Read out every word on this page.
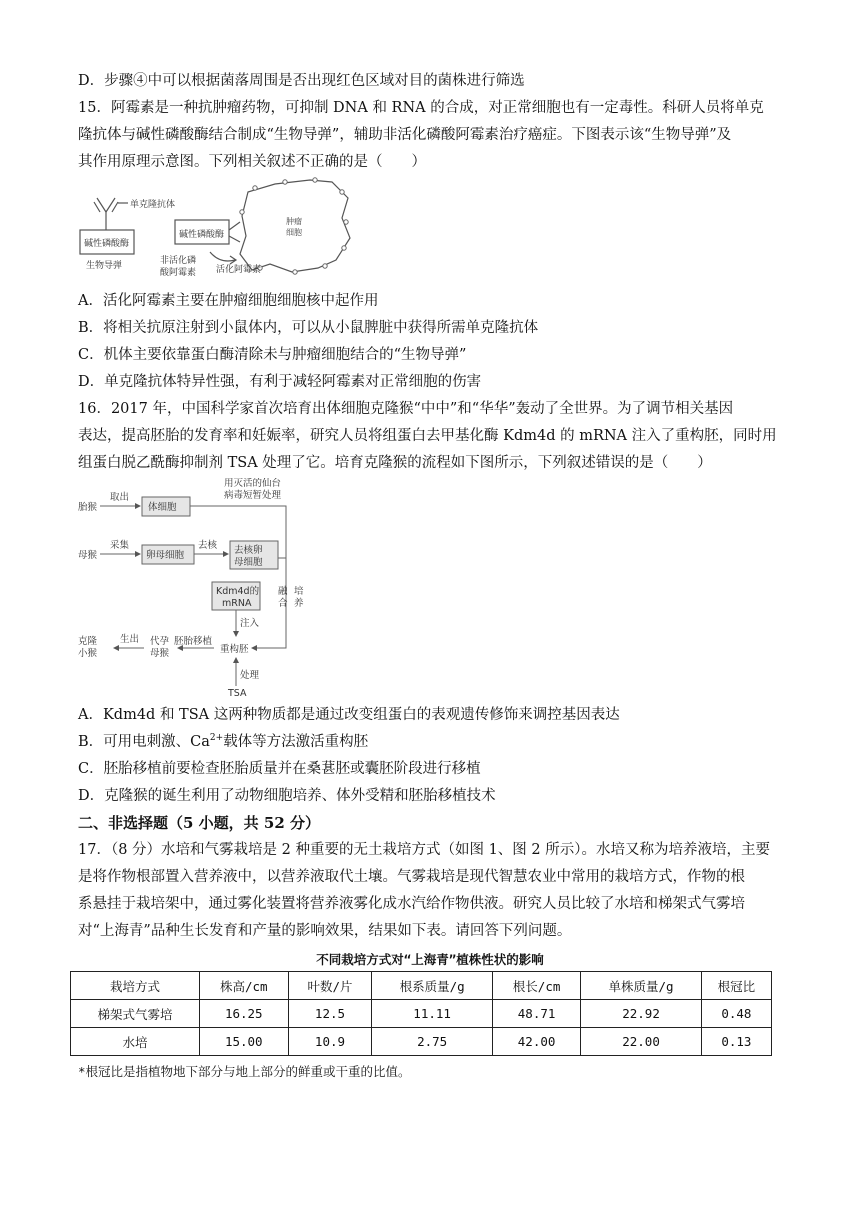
D．步骤④中可以根据菌落周围是否出现红色区域对目的菌株进行筛选
15．阿霉素是一种抗肿瘤药物，可抑制 DNA 和 RNA 的合成，对正常细胞也有一定毒性。科研人员将单克
隆抗体与碱性磷酸酶结合制成“生物导弹”，辅助非活化磷酸阿霉素治疗癌症。下图表示该“生物导弹”及
其作用原理示意图。下列相关叙述不正确的是（　　）
单克隆抗体
碱性磷酸酶
生物导弹
碱性磷酸酶
肿瘤
细胞
非活化磷
酸阿霉素 活化阿霉素
A．活化阿霉素主要在肿瘤细胞细胞核中起作用
B．将相关抗原注射到小鼠体内，可以从小鼠脾脏中获得所需单克隆抗体
C．机体主要依靠蛋白酶清除未与肿瘤细胞结合的“生物导弹”
D．单克隆抗体特异性强，有利于减轻阿霉素对正常细胞的伤害
16．2017 年，中国科学家首次培育出体细胞克隆猴“中中”和“华华”轰动了全世界。为了调节相关基因
表达，提高胚胎的发育率和妊娠率，研究人员将组蛋白去甲基化酶 Kdm4d 的 mRNA 注入了重构胚，同时用
组蛋白脱乙酰酶抑制剂 TSA 处理了它。培育克隆猴的流程如下图所示，下列叙述错误的是（　　）
胎猴
取出
体细胞
用灭活的仙台
病毒短暂处理
母猴
采集
卵母细胞
去核 去核卵
母细胞
Kdm4d的
mRNA
融
合
培
养
注入
重构胚
胚胎移植
代孕
母猴
生出
克隆
小猴
处理
TSA
A．Kdm4d 和 TSA 这两种物质都是通过改变组蛋白的表观遗传修饰来调控基因表达
B．可用电刺激、$Ca^{2+}$载体等方法激活重构胚
C．胚胎移植前要检查胚胎质量并在桑葚胚或囊胚阶段进行移植
D．克隆猴的诞生利用了动物细胞培养、体外受精和胚胎移植技术
二、非选择题（5 小题，共 52 分）
17．（8 分）水培和气雾栽培是 2 种重要的无土栽培方式（如图 1、图 2 所示）。水培又称为培养液培，主要
是将作物根部置入营养液中，以营养液取代土壤。气雾栽培是现代智慧农业中常用的栽培方式，作物的根
系悬挂于栽培架中，通过雾化装置将营养液雾化成水汽给作物供液。研究人员比较了水培和梯架式气雾培
对“上海青”品种生长发育和产量的影响效果，结果如下表。请回答下列问题。
不同栽培方式对“上海青”植株性状的影响
栽培方式	株高/cm	叶数/片	根系质量/g	根长/cm	单株质量/g	根冠比
梯架式气雾培	16.25	12.5	11.11	48.71	22.92	0.48
水培	15.00	10.9	2.75	42.00	22.00	0.13
*根冠比是指植物地下部分与地上部分的鲜重或干重的比值。
